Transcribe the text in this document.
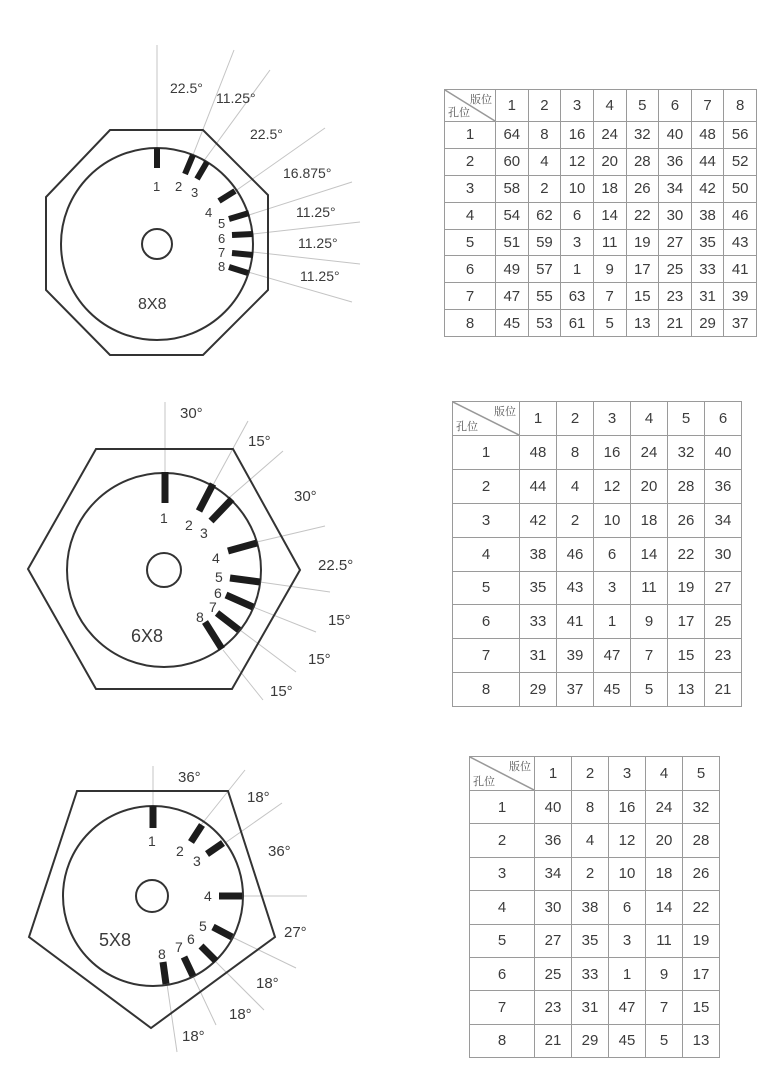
1 2 3
4
5
6
7
8
8X8
22.5°
11.25°
22.5°
16.875°
11.25°
11.25°
11.25°
1 2 3
4
5
6
7
8
6X8
30°
15°
30°
22.5°
15°
15°
15°
1
2
3
4
5
6
7
8
5X8
36°
18°
36°
27°
18°
18°
18°
版位
孔位	1	2	3	4	5	6	7	8
1	64	8	16	24	32	40	48	56
2	60	4	12	20	28	36	44	52
3	58	2	10	18	26	34	42	50
4	54	62	6	14	22	30	38	46
5	51	59	3	11	19	27	35	43
6	49	57	1	9	17	25	33	41
7	47	55	63	7	15	23	31	39
8	45	53	61	5	13	21	29	37
版位
孔位	1	2	3	4	5	6
1	48	8	16	24	32	40
2	44	4	12	20	28	36
3	42	2	10	18	26	34
4	38	46	6	14	22	30
5	35	43	3	11	19	27
6	33	41	1	9	17	25
7	31	39	47	7	15	23
8	29	37	45	5	13	21
版位
孔位	1	2	3	4	5
1	40	8	16	24	32
2	36	4	12	20	28
3	34	2	10	18	26
4	30	38	6	14	22
5	27	35	3	11	19
6	25	33	1	9	17
7	23	31	47	7	15
8	21	29	45	5	13
